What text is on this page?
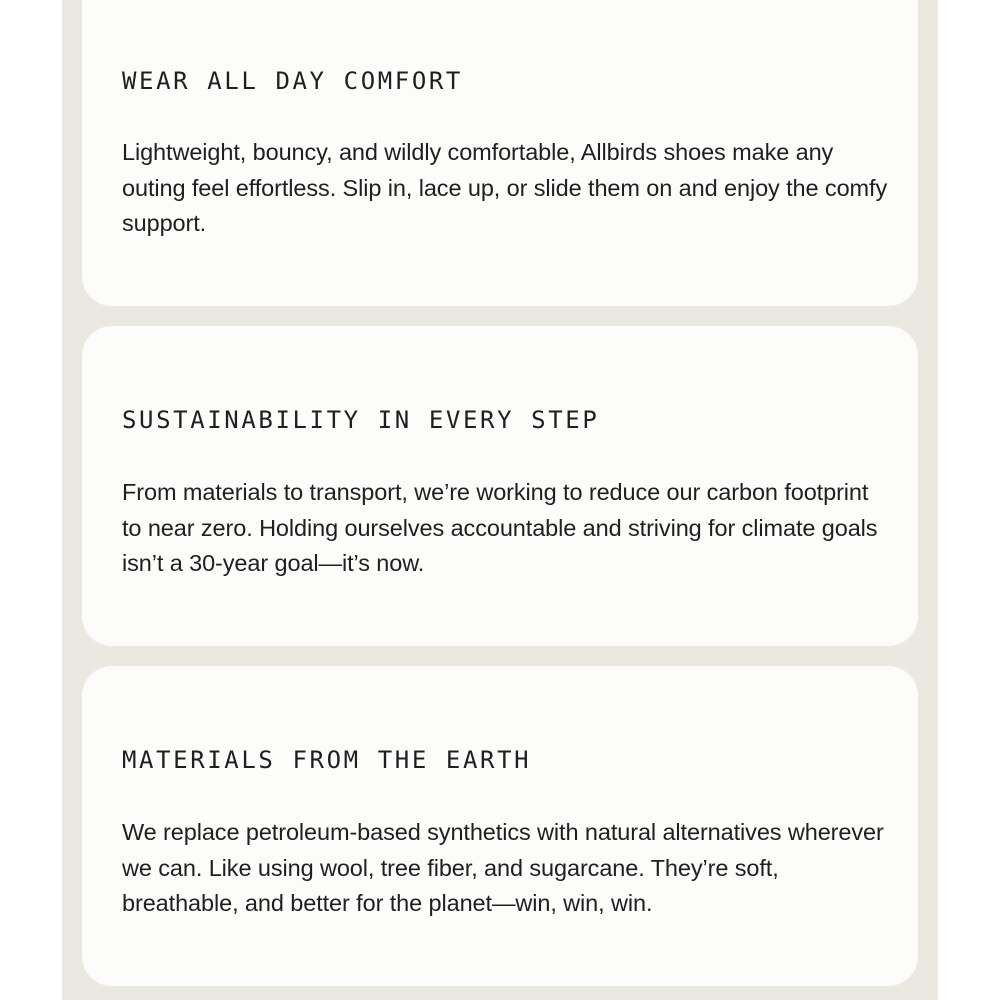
WEAR ALL DAY COMFORT

Lightweight, bouncy, and wildly comfortable, Allbirds shoes make any outing feel effortless. Slip in, lace up, or slide them on and enjoy the comfy support.

SUSTAINABILITY IN EVERY STEP

From materials to transport, we’re working to reduce our carbon footprint to near zero. Holding ourselves accountable and striving for climate goals isn’t a 30-year goal—it’s now.

MATERIALS FROM THE EARTH

We replace petroleum-based synthetics with natural alternatives wherever we can. Like using wool, tree fiber, and sugarcane. They’re soft, breathable, and better for the planet—win, win, win.
